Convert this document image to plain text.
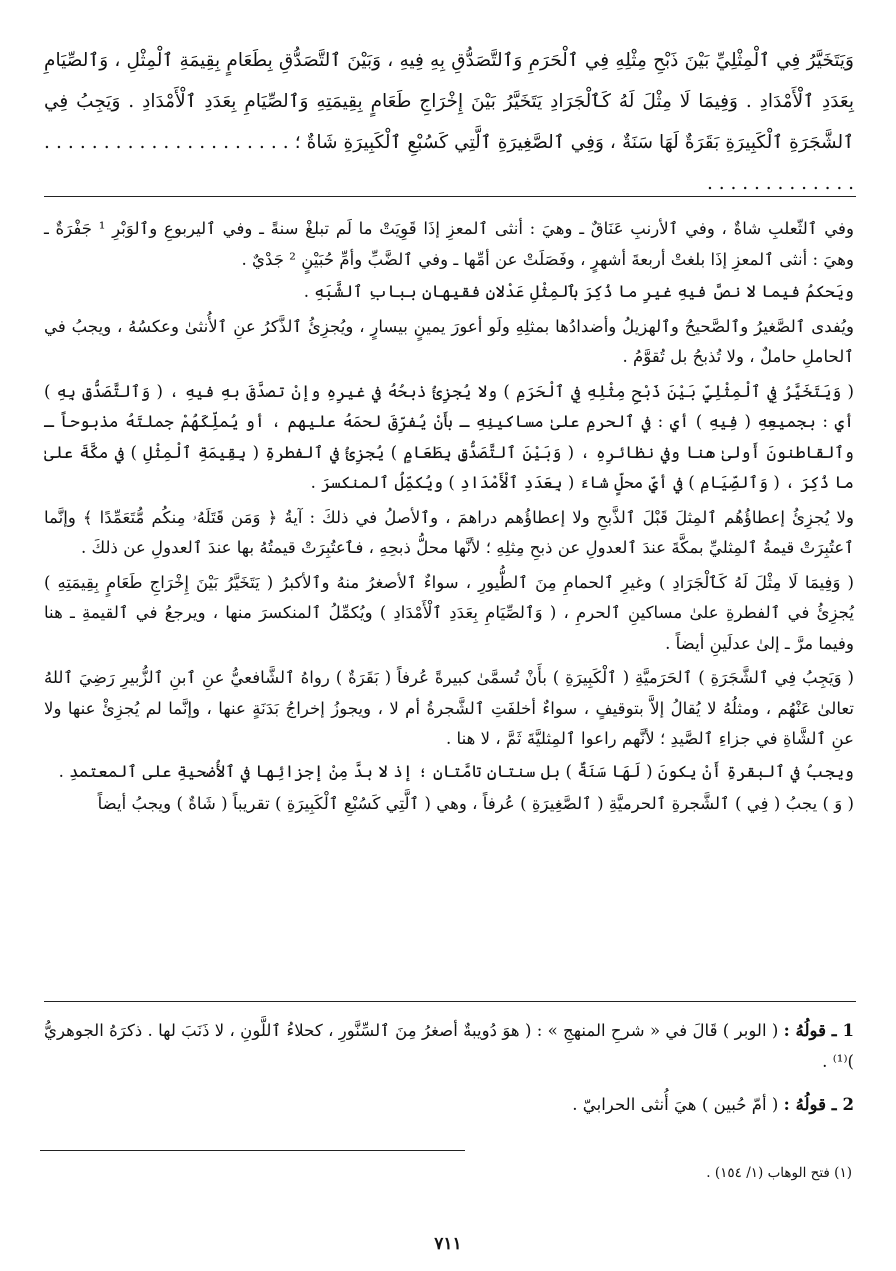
وَيَتَخَيَّرُ فِي ٱلْمِثْلِيِّ بَيْنَ ذَبْحِ مِثْلِهِ فِي ٱلْحَرَمِ وَٱلتَّصَدُّقِ بِهِ فِيهِ ، وَبَيْنَ ٱلتَّصَدُّقِ بِطَعَامٍ بِقِيمَةِ ٱلْمِثْلِ ، وَٱلصِّيَامِ بِعَدَدِ ٱلْأَمْدَادِ . وَفِيمَا لَا مِثْلَ لَهُ كَٱلْجَرَادِ يَتَخَيَّرُ بَيْنَ إِخْرَاجِ طَعَامٍ بِقِيمَتِهِ وَٱلصِّيَامِ بِعَدَدِ ٱلْأَمْدَادِ . وَيَجِبُ فِي ٱلشَّجَرَةِ ٱلْكَبِيرَةِ بَقَرَةٌ لَهَا سَنَةٌ ، وَفِي ٱلصَّغِيرَةِ ٱلَّتِي كَسُبْعِ ٱلْكَبِيرَةِ شَاةٌ ؛ . . . . . . . . . . . . . . . . . . . . . . . . . . . . . . . . . .

وفي ٱلثّعلبِ شاةٌ ، وفي ٱلأرنبِ عَنَاقٌ ـ وهيَ : أنثى ٱلمعزِ إذَا قَوِيَتْ ما لَم تبلغْ سنةً ـ وفي ٱليربوعِ وٱلوَبْرِ ¹ جَفْرَةٌ ـ وهيَ : أنثى ٱلمعزِ إذَا بلغتْ أربعةَ أشهرٍ ، وفَصَلَتْ عن أمِّها ـ وفي ٱلضَّبِّ وأمِّ حُبَيْنٍ ² جَدْيٌ .

ويَحكمُ فيما لا نصَّ فيهِ غيرِ ما ذُكِرَ بٱلمِثْلِ عَدْلانِ فقيهانِ ببابِ ٱلشَّبَهِ .

ويُفدى ٱلصَّغيرُ وٱلصَّحيحُ وٱلهزيلُ وأضدادُها بمثلِهِ ولَو أعورَ يمينٍ بيسارٍ ، ويُجزِئُ ٱلذَّكرُ عنِ ٱلأُنثىٰ وعكسُهُ ، ويجبُ في ٱلحاملِ حاملٌ ، ولا تُذبحُ بل تُقوَّمُ .

( وَيَتَخَيَّرُ فِي ٱلْمِثْلِيِّ بَيْنَ ذَبْحِ مِثْلِهِ فِي ٱلْحَرَمِ ) ولا يُجزِئُ ذبحُهُ في غيرِهِ وإنْ تصدَّقَ بهِ فيهِ ، ( وَٱلتَّصَدُّقِ بِهِ ) أي : بجميعِهِ ( فِيهِ ) أي : في ٱلحرمِ علىٰ مساكينِهِ ـ بأَنْ يُفرِّقَ لحمَهُ عليهم ، أو يُملِّكَهُمْ جملتَهُ مذبوحاً ـ وٱلقاطنونَ أَولىٰ هنا وفي نظائرِهِ ، ( وَبَيْنَ ٱلتَّصَدُّقِ بِطَعَامٍ ) يُجزِئُ في ٱلفطرةِ ( بِقِيمَةِ ٱلْمِثْلِ ) في مكَّةَ علىٰ ما ذُكِرَ ، ( وَٱلصِّيَامِ ) في أيِّ محلٍّ شاءَ ( بِعَدَدِ ٱلْأَمْدَادِ ) ويُكمِّلُ ٱلمنكسرَ .

ولا يُجزِئُ إعطاؤُهُم ٱلمِثلَ قَبْلَ ٱلذَّبحِ ولا إعطاؤُهم دراهمَ ، وٱلأصلُ في ذلكَ : آيةُ ﴿ وَمَن قَتَلَهُۥ مِنكُم مُّتَعَمِّدًا ﴾ وإنَّما ٱعتُبِرَتْ قيمةُ ٱلمِثليِّ بمكَّةَ عندَ ٱلعدولِ عن ذبحِ مِثلِهِ ؛ لأنَّها محلُّ ذبحِهِ ، فٱعتُبِرَتْ قيمتُهُ بها عندَ ٱلعدولِ عن ذلكَ .

( وَفِيمَا لَا مِثْلَ لَهُ كَٱلْجَرَادِ ) وغيرِ ٱلحمامِ مِنَ ٱلطُّيورِ ، سواءٌ ٱلأصغرُ منهُ وٱلأكبرُ ( يَتَخَيَّرُ بَيْنَ إِخْرَاجِ طَعَامٍ بِقِيمَتِهِ ) يُجزِئُ في ٱلفطرةِ علىٰ مساكينِ ٱلحرمِ ، ( وَٱلصِّيَامِ بِعَدَدِ ٱلْأَمْدَادِ ) ويُكمِّلُ ٱلمنكسرَ منها ، ويرجعُ في ٱلقيمةِ ـ هنا وفيما مرَّ ـ إلىٰ عدلَينِ أيضاً .

( وَيَجِبُ فِي ٱلشَّجَرَةِ ) ٱلحَرَميَّةِ ( ٱلْكَبِيرَةِ ) بأَنْ تُسمَّىٰ كبيرةً عُرفاً ( بَقَرَةٌ ) رواهُ ٱلشَّافعيُّ عنِ ٱبنِ ٱلزُّبيرِ رَضِيَ ٱللهُ تعالىٰ عَنْهُم ، ومثلُهُ لا يُقالُ إلاَّ بتوقيفٍ ، سواءٌ أخلفَتِ ٱلشَّجرةُ أم لا ، ويجوزُ إخراجُ بَدَنَةٍ عنها ، وإنَّما لم يُجزِئْ عنها ولا عنِ ٱلشَّاةِ في جزاءِ ٱلصَّيدِ ؛ لأنَّهم راعوا ٱلمِثليَّةَ ثَمَّ ، لا هنا .

ويجبُ في ٱلبقرةِ أَنْ يكونَ ( لَهَا سَنَةٌ ) بل سنتانِ تامَّتانِ ؛ إذ لا بدَّ مِنْ إجزائِها في ٱلأُضحيةِ على ٱلمعتمدِ .

( وَ ) يجبُ ( فِي ) ٱلشَّجرةِ ٱلحرميَّةِ ( ٱلصَّغِيرَةِ ) عُرفاً ، وهي ( ٱلَّتِي كَسُبْعِ ٱلْكَبِيرَةِ ) تقريباً ( شَاةٌ ) ويجبُ أيضاً

1 ـ قولُهُ : ( الوبر ) قَالَ في « شرحِ المنهجِ » : ( هوَ دُويبةٌ أصغرُ مِنَ ٱلسِّنَّورِ ، كحلاءُ ٱللَّونِ ، لا ذَنَبَ لها . ذكرَهُ الجوهريُّ )⁽¹⁾ .

2 ـ قولُهُ : ( أمّ حُبين ) هيَ أُنثى الحرابيّ .

(١) فتح الوهاب (١/ ١٥٤) .
٧١١
